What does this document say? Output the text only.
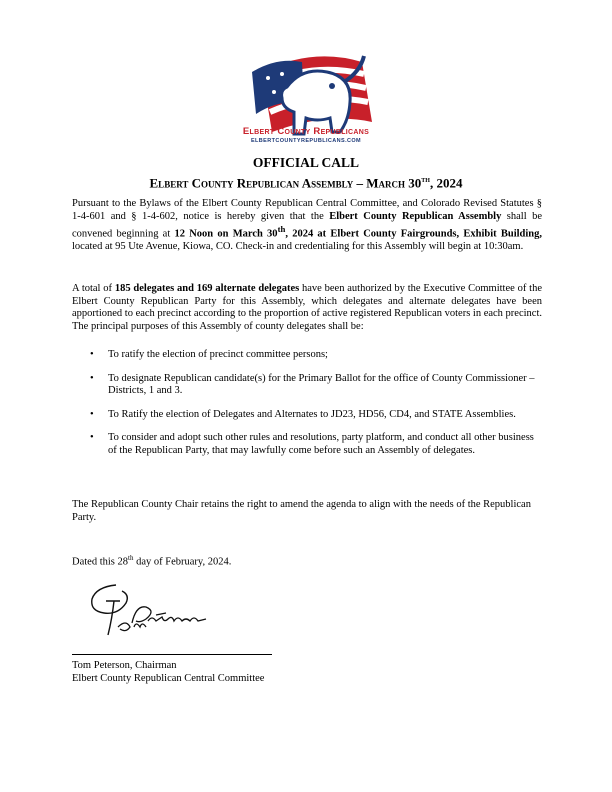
Elbert County Republicans
ELBERTCOUNTYREPUBLICANS.COM
OFFICIAL CALL
Elbert County Republican Assembly – March 30th, 2024
Pursuant to the Bylaws of the Elbert County Republican Central Committee, and Colorado Revised Statutes § 1-4-601 and § 1-4-602, notice is hereby given that the Elbert County Republican Assembly shall be convened beginning at 12 Noon on March 30th, 2024 at Elbert County Fairgrounds, Exhibit Building, located at 95 Ute Avenue, Kiowa, CO. Check-in and credentialing for this Assembly will begin at 10:30am.
A total of 185 delegates and 169 alternate delegates have been authorized by the Executive Committee of the Elbert County Republican Party for this Assembly, which delegates and alternate delegates have been apportioned to each precinct according to the proportion of active registered Republican voters in each precinct. The principal purposes of this Assembly of county delegates shall be:
• To ratify the election of precinct committee persons;
• To designate Republican candidate(s) for the Primary Ballot for the office of County Commissioner – Districts, 1 and 3.
• To Ratify the election of Delegates and Alternates to JD23, HD56, CD4, and STATE Assemblies.
• To consider and adopt such other rules and resolutions, party platform, and conduct all other business of the Republican Party, that may lawfully come before such an Assembly of delegates.
The Republican County Chair retains the right to amend the agenda to align with the needs of the Republican Party.
Dated this 28th day of February, 2024.
Tom Peterson, Chairman
Elbert County Republican Central Committee
